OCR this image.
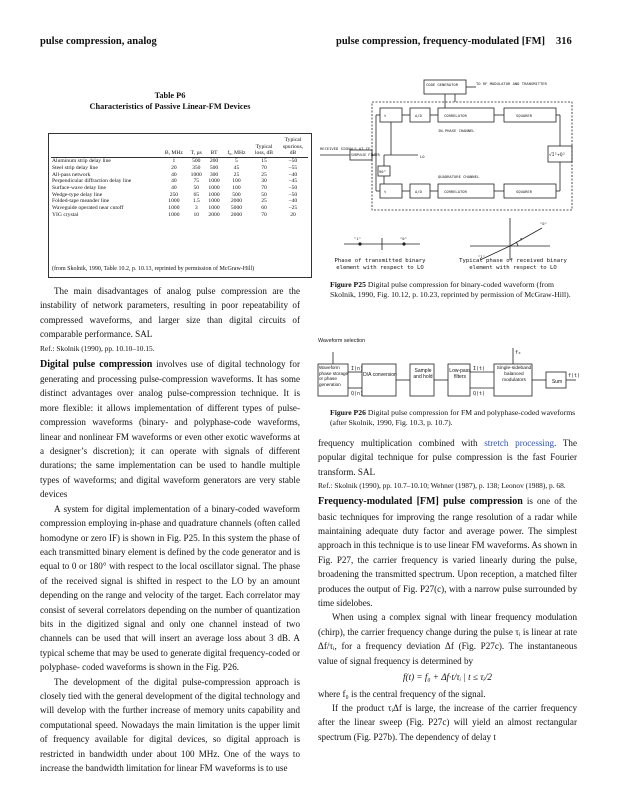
pulse compression, analog	pulse compression, frequency-modulated [FM] 316
Table P6
Characteristics of Passive Linear-FM Devices
	B, MHz	T, µs	BT	f₀, MHz	Typical loss, dB	Typical spurious, dB
Aluminum strip delay line	1	500	200	5	15	–50
Steel strip delay line	20	350	500	45	70	–55
All-pass network	40	1000	300	25	25	–40
Perpendicular diffraction delay line	40	75	1000	100	30	–45
Surface-wave delay line	40	50	1000	100	70	–50
Wedge-type delay line	250	65	1000	500	50	–50
Folded-tape meander line	1000	1.5	1000	2000	25	–40
Waveguide operated near cutoff	1000	3	1000	5000	60	–25
YIG crystal	1000	10	2000	2000	70	20
(from Skolnik, 1990, Table 10.2, p. 10.13, reprinted by permission of McGraw-Hill)

The main disadvantages of analog pulse compression are the instability of network parameters, resulting in poor repeatability of compressed waveforms, and larger size than digital circuits of comparable performance. SAL

Ref.: Skolnik (1990), pp. 10.10–10.15.

Digital pulse compression involves use of digital technology for generating and processing pulse-compression waveforms. It has some distinct advantages over analog pulse-compression technique. It is more flexible: it allows implementation of different types of pulse-compression waveforms (binary- and polyphase-code waveforms, linear and nonlinear FM waveforms or even other exotic waveforms at a designer’s discretion); it can operate with signals of different durations; the same implementation can be used to handle multiple types of waveforms; and digital waveform generators are very stable devices

A system for digital implementation of a binary-coded waveform compression employing in-phase and quadrature channels (often called homodyne or zero IF) is shown in Fig. P25. In this system the phase of each transmitted binary element is defined by the code generator and is equal to 0 or 180° with respect to the local oscillator signal. The phase of the received signal is shifted in respect to the LO by an amount depending on the range and velocity of the target. Each correlator may consist of several correlators depending on the number of quantization bits in the digitized signal and only one channel instead of two channels can be used that will insert an average loss about 3 dB. A typical scheme that may be used to generate digital frequency-coded or polyphase- coded waveforms is shown in the Fig. P26.

The development of the digital pulse-compression approach is closely tied with the general development of the digital technology and will develop with the further increase of memory units capability and computational speed. Nowadays the main limitation is the upper limit of frequency available for digital devices, so digital approach is restricted in bandwidth under about 100 MHz. One of the ways to increase the bandwidth limitation for linear FM waveforms is to use

CODE GENERATOR	TO RF MODULATOR AND TRANSMITTER
t
t
A/D
A/D
CORRELATOR
CORRELATOR
SQUARER
SQUARER
IN-PHASE CHANNEL
QUADRATURE CHANNEL
SUBPULSE FILTER	LO
90°
√I²+Q²
RECEIVED SIGNALS AT IF
"1"	"0"
"0"
"1"
φ
Phase of transmitted binary element with respect to LO
Typical phase of received binary element with respect to LO
Figure P25 Digital pulse compression for binary-coded waveform (from Skolnik, 1990, Fig. 10.12, p. 10.23, reprinted by permission of McGraw-Hill).
I(n)
Q(n)
I(t)
Q(t)
f₀
f(t)
Waveform selection
Waveform phase storage or phase generation
D/A conversion
Sample and hold
Low-pass filters
Single-sideband balanced modulators	Sum
Figure P26 Digital pulse compression for FM and polyphase-coded waveforms (after Skolnik, 1990, Fig. 10.3, p. 10.7).

frequency multiplication combined with stretch processing. The popular digital technique for pulse compression is the fast Fourier transform. SAL

Ref.: Skolnik (1990), pp. 10.7–10.10; Wehner (1987), p. 138; Leonov (1988), p. 68.

Frequency-modulated [FM] pulse compression is one of the basic techniques for improving the range resolution of a radar while maintaining adequate duty factor and average power. The simplest approach in this technique is to use linear FM waveforms. As shown in Fig. P27, the carrier frequency is varied linearly during the pulse, broadening the transmitted spectrum. Upon reception, a matched filter produces the output of Fig. P27(c), with a narrow pulse surrounded by time sidelobes.

When using a complex signal with linear frequency modulation (chirp), the carrier frequency change during the pulse τᵢ is linear at rate Δf/τᵢ, for a frequency deviation Δf (Fig. P27c). The instantaneous value of signal frequency is determined by

f(t) = f₀ + Δf·t/τᵢ | t ≤ τᵢ/2

where f₀ is the central frequency of the signal.

If the product τᵢΔf is large, the increase of the carrier frequency after the linear sweep (Fig. P27c) will yield an almost rectangular spectrum (Fig. P27b). The dependency of delay t
